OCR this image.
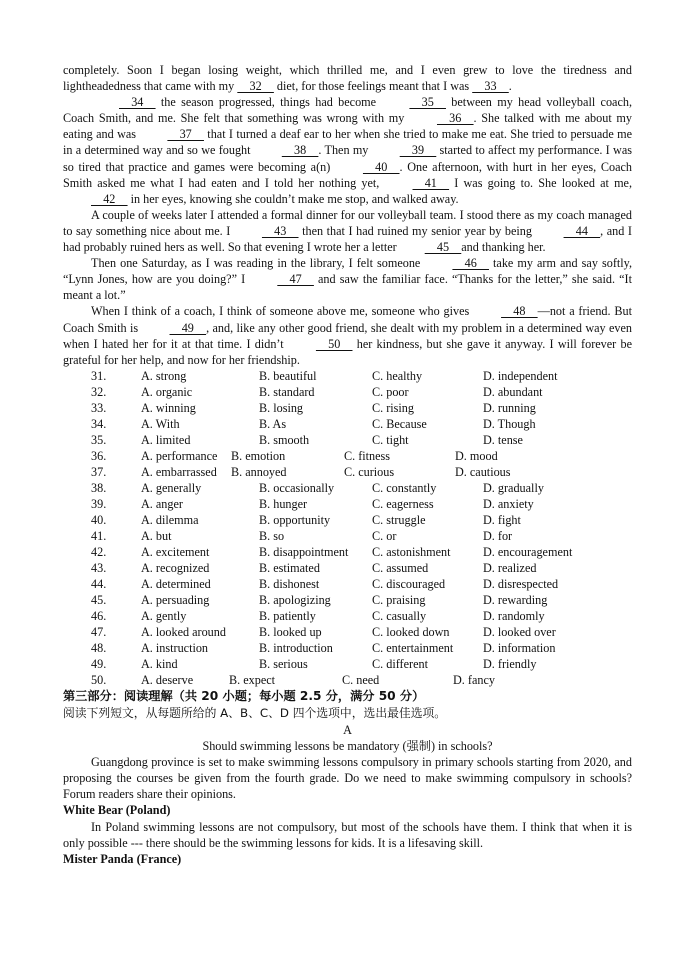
completely. Soon I began losing weight, which thrilled me, and I even grew to love the tiredness and lightheadedness that came with my   32   diet, for those feelings meant that I was   33  .

  34   the season progressed, things had become   35   between my head volleyball coach, Coach Smith, and me. She felt that something was wrong with my   36  . She talked with me about my eating and was   37   that I turned a deaf ear to her when she tried to make me eat. She tried to persuade me in a determined way and so we fought   38  . Then my   39   started to affect my performance. I was so tired that practice and games were becoming a(n)   40  . One afternoon, with hurt in her eyes, Coach Smith asked me what I had eaten and I told her nothing yet,   41   I was going to. She looked at me,   42   in her eyes, knowing she couldn’t make me stop, and walked away.

A couple of weeks later I attended a formal dinner for our volleyball team. I stood there as my coach managed to say something nice about me. I   43   then that I had ruined my senior year by being   44  , and I had probably ruined hers as well. So that evening I wrote her a letter  45  and thanking her.

Then one Saturday, as I was reading in the library, I felt someone   46   take my arm and say softly, “Lynn Jones, how are you doing?” I   47   and saw the familiar face. “Thanks for the letter,” she said. “It meant a lot.”

When I think of a coach, I think of someone above me, someone who gives   48  —not a friend. But Coach Smith is   49  , and, like any other good friend, she dealt with my problem in a determined way even when I hated her for it at that time. I didn’t   50   her kindness, but she gave it anyway. I will forever be grateful for her help, and now for her friendship.

31.	A. strong	B. beautiful	C. healthy	D. independent
32.	A. organic	B. standard	C. poor	D. abundant
33.	A. winning	B. losing	C. rising	D. running
34.	A. With	B. As	C. Because	D. Though
35.	A. limited	B. smooth	C. tight	D. tense
36.	A. performance	B. emotion	C. fitness	D. mood
37.	A. embarrassed	B. annoyed	C. curious	D. cautious
38.	A. generally	B. occasionally	C. constantly	D. gradually
39.	A. anger	B. hunger	C. eagerness	D. anxiety
40.	A. dilemma	B. opportunity	C. struggle	D. fight
41.	A. but	B. so	C. or	D. for
42.	A. excitement	B. disappointment	C. astonishment	D. encouragement
43.	A. recognized	B. estimated	C. assumed	D. realized
44.	A. determined	B. dishonest	C. discouraged	D. disrespected
45.	A. persuading	B. apologizing	C. praising	D. rewarding
46.	A. gently	B. patiently	C. casually	D. randomly
47.	A. looked around	B. looked up	C. looked down	D. looked over
48.	A. instruction	B. introduction	C. entertainment	D. information
49.	A. kind	B. serious	C. different	D. friendly
50.	A. deserve	B. expect	C. need	D. fancy
第三部分：阅读理解（共 20 小题；每小题 2.5 分，满分 50 分）
阅读下列短文，从每题所给的 A、B、C、D 四个选项中，选出最佳选项。
A
Should swimming lessons be mandatory (强制) in schools?

Guangdong province is set to make swimming lessons compulsory in primary schools starting from 2020, and proposing the courses be given from the fourth grade. Do we need to make swimming compulsory in schools? Forum readers share their opinions.

White Bear (Poland)

In Poland swimming lessons are not compulsory, but most of the schools have them. I think that when it is only possible --- there should be the swimming lessons for kids. It is a lifesaving skill.

Mister Panda (France)
